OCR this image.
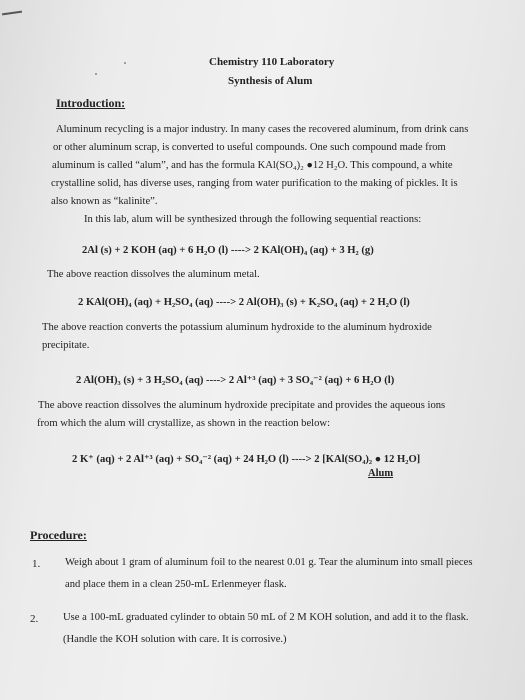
Chemistry 110 Laboratory
Synthesis of Alum
Introduction:
Aluminum recycling is a major industry. In many cases the recovered aluminum, from drink cans
or other aluminum scrap, is converted to useful compounds. One such compound made from
aluminum is called “alum”, and has the formula KAl(SO₄)₂ ●12 H₂O. This compound, a white
crystalline solid, has diverse uses, ranging from water purification to the making of pickles. It is
also known as “kalinite”.
In this lab, alum will be synthesized through the following sequential reactions:
2Al (s) + 2 KOH (aq) + 6 H₂O (l) ----> 2 KAl(OH)₄ (aq) + 3 H₂ (g)
The above reaction dissolves the aluminum metal.
2 KAl(OH)₄ (aq) + H₂SO₄ (aq) ----> 2 Al(OH)₃ (s) + K₂SO₄ (aq) + 2 H₂O (l)
The above reaction converts the potassium aluminum hydroxide to the aluminum hydroxide
precipitate.
2 Al(OH)₃ (s) + 3 H₂SO₄ (aq) ----> 2 Al⁺³ (aq) + 3 SO₄⁻² (aq) + 6 H₂O (l)
The above reaction dissolves the aluminum hydroxide precipitate and provides the aqueous ions
from which the alum will crystallize, as shown in the reaction below:
2 K⁺ (aq) + 2 Al⁺³ (aq) + SO₄⁻² (aq) + 24 H₂O (l) ----> 2 [KAl(SO₄)₂ ● 12 H₂O]
Alum
Procedure:
1. Weigh about 1 gram of aluminum foil to the nearest 0.01 g. Tear the aluminum into small pieces and place them in a clean 250-mL Erlenmeyer flask.
2. Use a 100-mL graduated cylinder to obtain 50 mL of 2 M KOH solution, and add it to the flask. (Handle the KOH solution with care. It is corrosive.)
